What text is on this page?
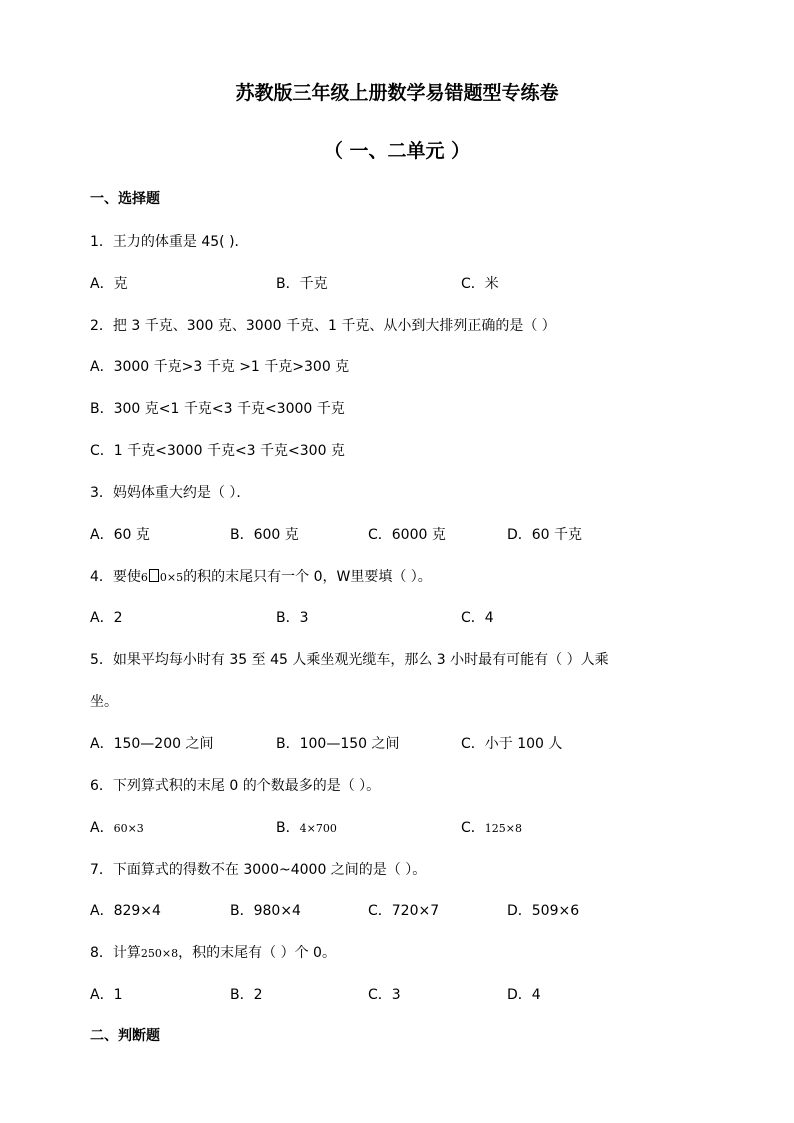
苏教版三年级上册数学易错题型专练卷
（ 一、二单元 ）
一、选择题
1．王力的体重是 45( )．
A．克	B．千克	C．米
2．把 3 千克、300 克、3000 千克、1 千克、从小到大排列正确的是（ ）
A．3000 千克>3 千克 >1 千克>300 克
B．300 克<1 千克<3 千克<3000 千克
C．1 千克<3000 千克<3 千克<300 克
3．妈妈体重大约是（ ）．
A．60 克	B．600 克	C．6000 克	D．60 千克
4．要使6 0×5的积的末尾只有一个 0，W里要填（ ）。
A．2	B．3	C．4
5．如果平均每小时有 35 至 45 人乘坐观光缆车，那么 3 小时最有可能有（ ）人乘
坐。
A．150—200 之间	B．100—150 之间	C．小于 100 人
6．下列算式积的末尾 0 的个数最多的是（ ）。
A．60×3	B．4×700	C．125×8
7．下面算式的得数不在 3000~4000 之间的是（ ）。
A．829×4	B．980×4	C．720×7	D．509×6
8．计算250×8，积的末尾有（ ）个 0。
A．1	B．2	C．3	D．4
二、判断题
